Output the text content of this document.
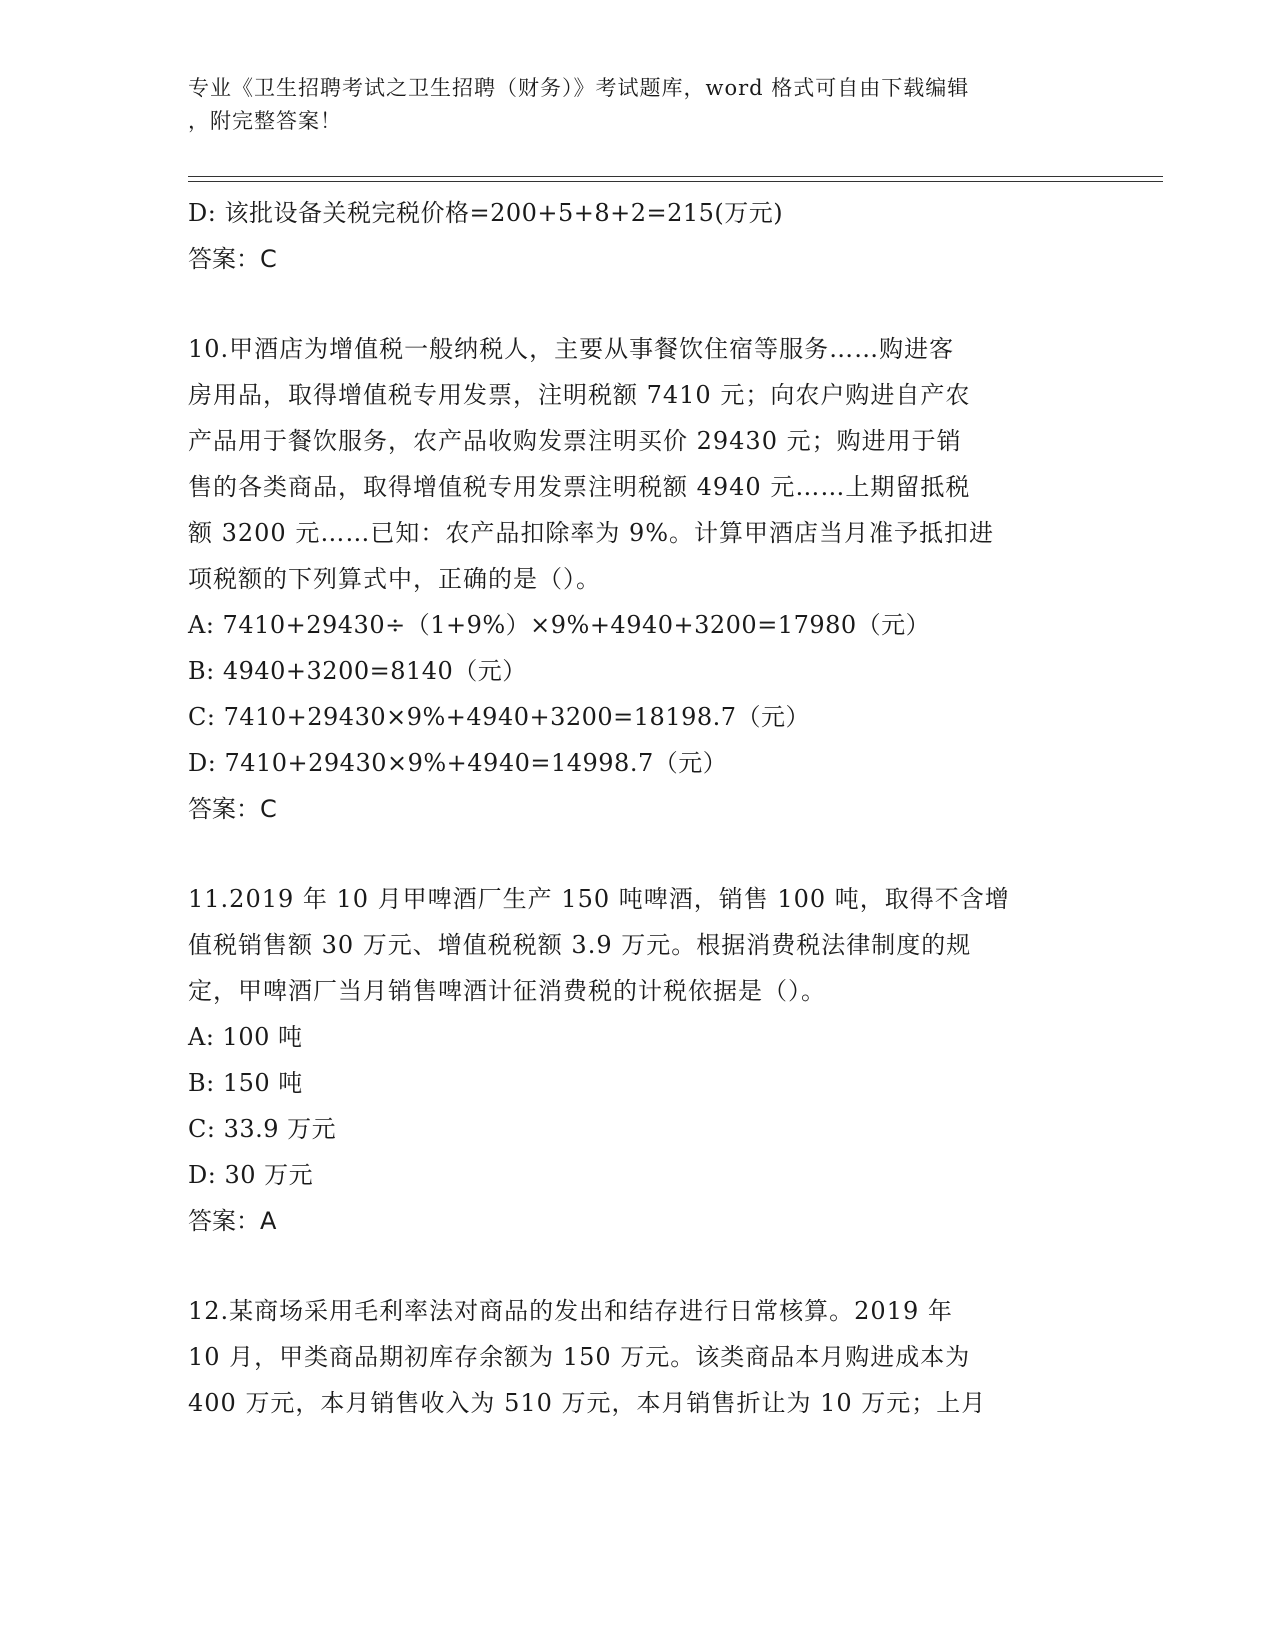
专业《卫生招聘考试之卫生招聘（财务）》考试题库，word 格式可自由下载编辑
，附完整答案！
D: 该批设备关税完税价格=200+5+8+2=215(万元)
答案：C
10.甲酒店为增值税一般纳税人，主要从事餐饮住宿等服务……购进客
房用品，取得增值税专用发票，注明税额 7410 元；向农户购进自产农
产品用于餐饮服务，农产品收购发票注明买价 29430 元；购进用于销
售的各类商品，取得增值税专用发票注明税额 4940 元……上期留抵税
额 3200 元……已知：农产品扣除率为 9%。计算甲酒店当月准予抵扣进
项税额的下列算式中，正确的是（）。
A: 7410+29430÷（1+9%）×9%+4940+3200=17980（元）
B: 4940+3200=8140（元）
C: 7410+29430×9%+4940+3200=18198.7（元）
D: 7410+29430×9%+4940=14998.7（元）
答案：C
11.2019 年 10 月甲啤酒厂生产 150 吨啤酒，销售 100 吨，取得不含增
值税销售额 30 万元、增值税税额 3.9 万元。根据消费税法律制度的规
定，甲啤酒厂当月销售啤酒计征消费税的计税依据是（）。
A: 100 吨
B: 150 吨
C: 33.9 万元
D: 30 万元
答案：A
12.某商场采用毛利率法对商品的发出和结存进行日常核算。2019 年
10 月，甲类商品期初库存余额为 150 万元。该类商品本月购进成本为
400 万元，本月销售收入为 510 万元，本月销售折让为 10 万元；上月
